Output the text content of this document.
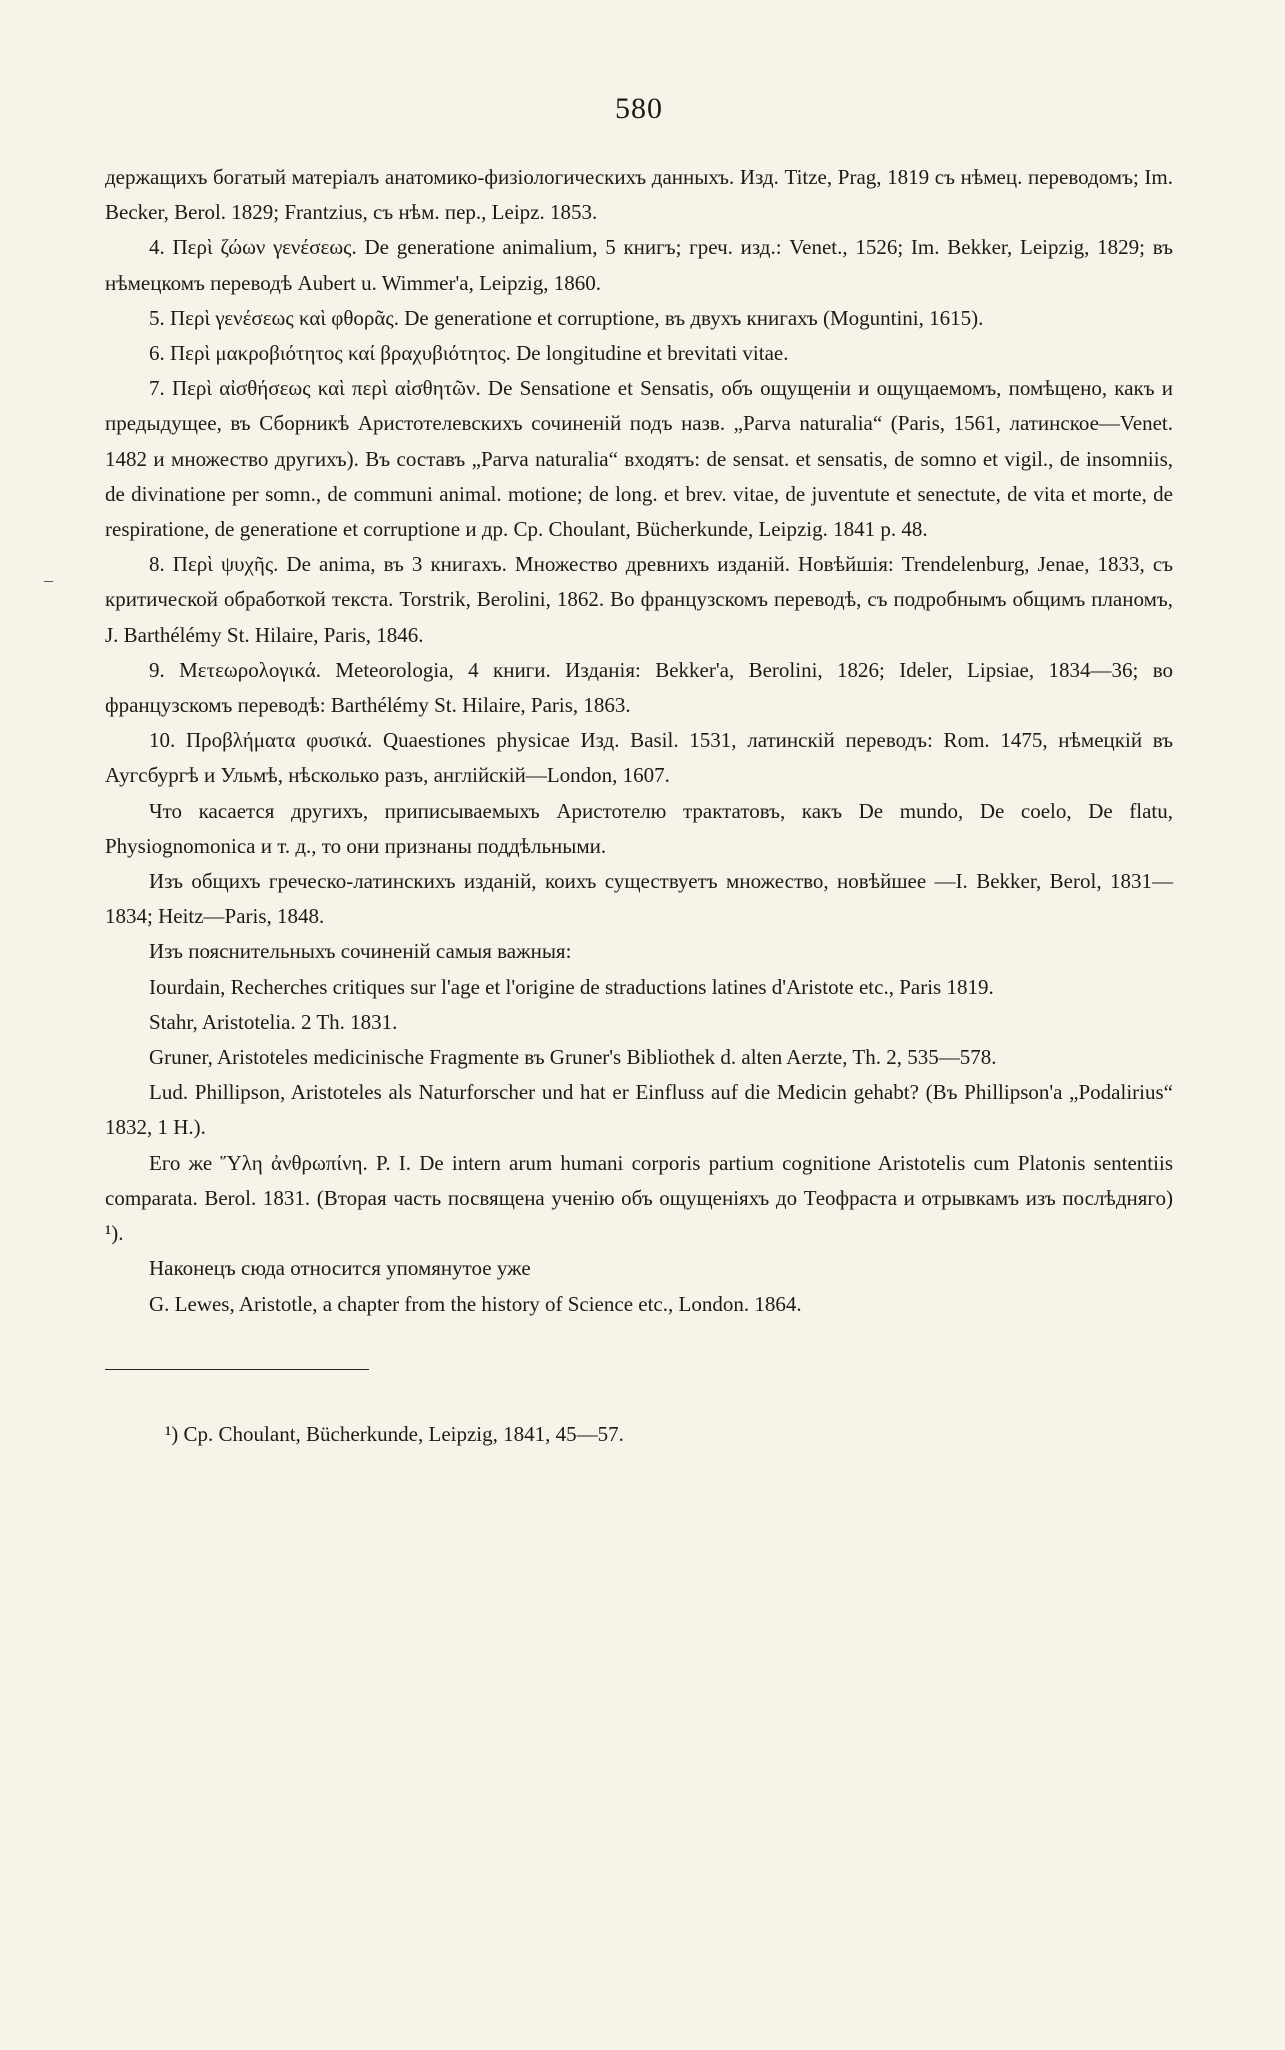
–
580

держащихъ богатый матеріалъ анатомико-физіологическихъ данныхъ. Изд. Titze, Prag, 1819 съ нѣмец. переводомъ; Im. Becker, Berol. 1829; Frantzius, съ нѣм. пер., Leipz. 1853.

4. Περὶ ζώων γενέσεως. De generatione animalium, 5 книгъ; греч. изд.: Venet., 1526; Im. Bekker, Leipzig, 1829; въ нѣмецкомъ переводѣ Aubert u. Wimmer'a, Leipzig, 1860.

5. Περὶ γενέσεως καὶ φθορᾶς. De generatione et corruptione, въ двухъ книгахъ (Moguntini, 1615).

6. Περὶ μακροβιότητος καί βραχυβιότητος. De longitudine et brevitati vitae.

7. Περὶ αἰσθήσεως καὶ περὶ αἰσθητῶν. De Sensatione et Sensatis, объ ощущеніи и ощущаемомъ, помѣщено, какъ и предыдущее, въ Сборникѣ Аристотелевскихъ сочиненій подъ назв. „Parva naturalia“ (Paris, 1561, латинское—Venet. 1482 и множество другихъ). Въ составъ „Parva naturalia“ входятъ: de sensat. et sensatis, de somno et vigil., de insomniis, de divinatione per somn., de communi animal. motione; de long. et brev. vitae, de juventute et senectute, de vita et morte, de respiratione, de generatione et corruptione и др. Ср. Choulant, Bücherkunde, Leipzig. 1841 p. 48.

8. Περὶ ψυχῆς. De anima, въ 3 книгахъ. Множество древнихъ изданій. Новѣйшія: Trendelenburg, Jenae, 1833, съ критической обработкой текста. Torstrik, Berolini, 1862. Во французскомъ переводѣ, съ подробнымъ общимъ планомъ, J. Barthélémy St. Hilaire, Paris, 1846.

9. Μετεωρολογικά. Meteorologia, 4 книги. Изданія: Bekker'a, Berolini, 1826; Ideler, Lipsiae, 1834—36; во французскомъ переводѣ: Barthélémy St. Hilaire, Paris, 1863.

10. Προβλήματα φυσικά. Quaestiones physicae Изд. Basil. 1531, латинскій переводъ: Rom. 1475, нѣмецкій въ Аугсбургѣ и Ульмѣ, нѣсколько разъ, англійскій—London, 1607.

Что касается другихъ, приписываемыхъ Аристотелю трактатовъ, какъ De mundo, De coelo, De flatu, Physiognomonica и т. д., то они признаны поддѣльными.

Изъ общихъ греческо-латинскихъ изданій, коихъ существуетъ множество, новѣйшее —I. Bekker, Berol, 1831—1834; Heitz—Paris, 1848.

Изъ пояснительныхъ сочиненій самыя важныя:

Iourdain, Recherches critiques sur l'age et l'origine de straductions latines d'Aristote etc., Paris 1819.

Stahr, Aristotelia. 2 Th. 1831.

Gruner, Aristoteles medicinische Fragmente въ Gruner's Bibliothek d. alten Aerzte, Th. 2, 535—578.

Lud. Phillipson, Aristoteles als Naturforscher und hat er Einfluss auf die Medicin gehabt? (Въ Phillipson'a „Podalirius“ 1832, 1 H.).

Его же Ὕλη ἀνθρωπίνη. P. I. De intern arum humani corporis partium cognitione Aristotelis cum Platonis sententiis comparata. Berol. 1831. (Вторая часть посвящена ученію объ ощущеніяхъ до Теофраста и отрывкамъ изъ послѣдняго) ¹).

Наконецъ сюда относится упомянутое уже

G. Lewes, Aristotle, a chapter from the history of Science etc., London. 1864.

¹) Ср. Choulant, Bücherkunde, Leipzig, 1841, 45—57.
